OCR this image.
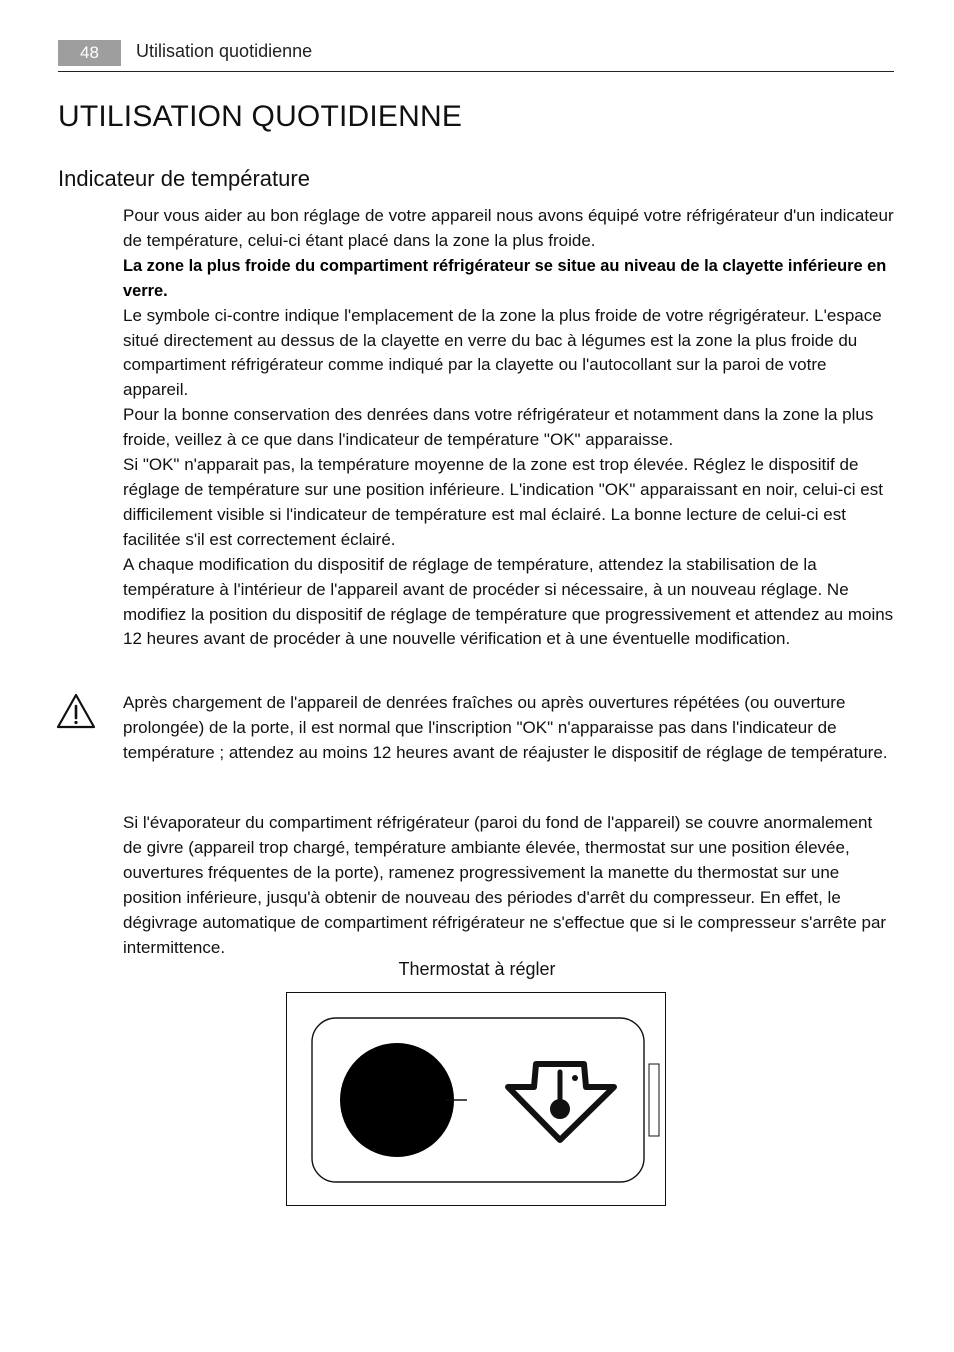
48	Utilisation quotidienne
UTILISATION QUOTIDIENNE
Indicateur de température

Pour vous aider au bon réglage de votre appareil nous avons équipé votre réfrigérateur d'un indicateur de température, celui-ci étant placé dans la zone la plus froide.

La zone la plus froide du compartiment réfrigérateur se situe au niveau de la clayette inférieure en verre.

Le symbole ci-contre indique l'emplacement de la zone la plus froide de votre régrigérateur. L'espace situé directement au dessus de la clayette en verre du bac à légumes est la zone la plus froide du compartiment réfrigérateur comme indiqué par la clayette ou l'autocollant sur la paroi de votre appareil.

Pour la bonne conservation des denrées dans votre réfrigérateur et notamment dans la zone la plus froide, veillez à ce que dans l'indicateur de température "OK" apparaisse.

Si "OK" n'apparait pas, la température moyenne de la zone est trop élevée. Réglez le dispositif de réglage de température sur une position inférieure. L'indication "OK" apparaissant en noir, celui-ci est difficilement visible si l'indicateur de température est mal éclairé. La bonne lecture de celui-ci est facilitée s'il est correctement éclairé.

A chaque modification du dispositif de réglage de température, attendez la stabilisation de la température à l'intérieur de l'appareil avant de procéder si nécessaire, à un nouveau réglage. Ne modifiez la position du dispositif de réglage de température que progressivement et attendez au moins 12 heures avant de procéder à une nouvelle vérification et à une éventuelle modification.

Après chargement de l'appareil de denrées fraîches ou après ouvertures répétées (ou ouverture prolongée) de la porte, il est normal que l'inscription "OK" n'apparaisse pas dans l'indicateur de température ; attendez au moins 12 heures avant de réajuster le dispositif de réglage de température.

Si l'évaporateur du compartiment réfrigérateur (paroi du fond de l'appareil) se couvre anormalement de givre (appareil trop chargé, température ambiante élevée, thermostat sur une position élevée, ouvertures fréquentes de la porte), ramenez progressivement la manette du thermostat sur une position inférieure, jusqu'à obtenir de nouveau des périodes d'arrêt du compresseur. En effet, le dégivrage automatique de compartiment réfrigérateur ne s'effectue que si le compresseur s'arrête par intermittence.

Thermostat à régler
